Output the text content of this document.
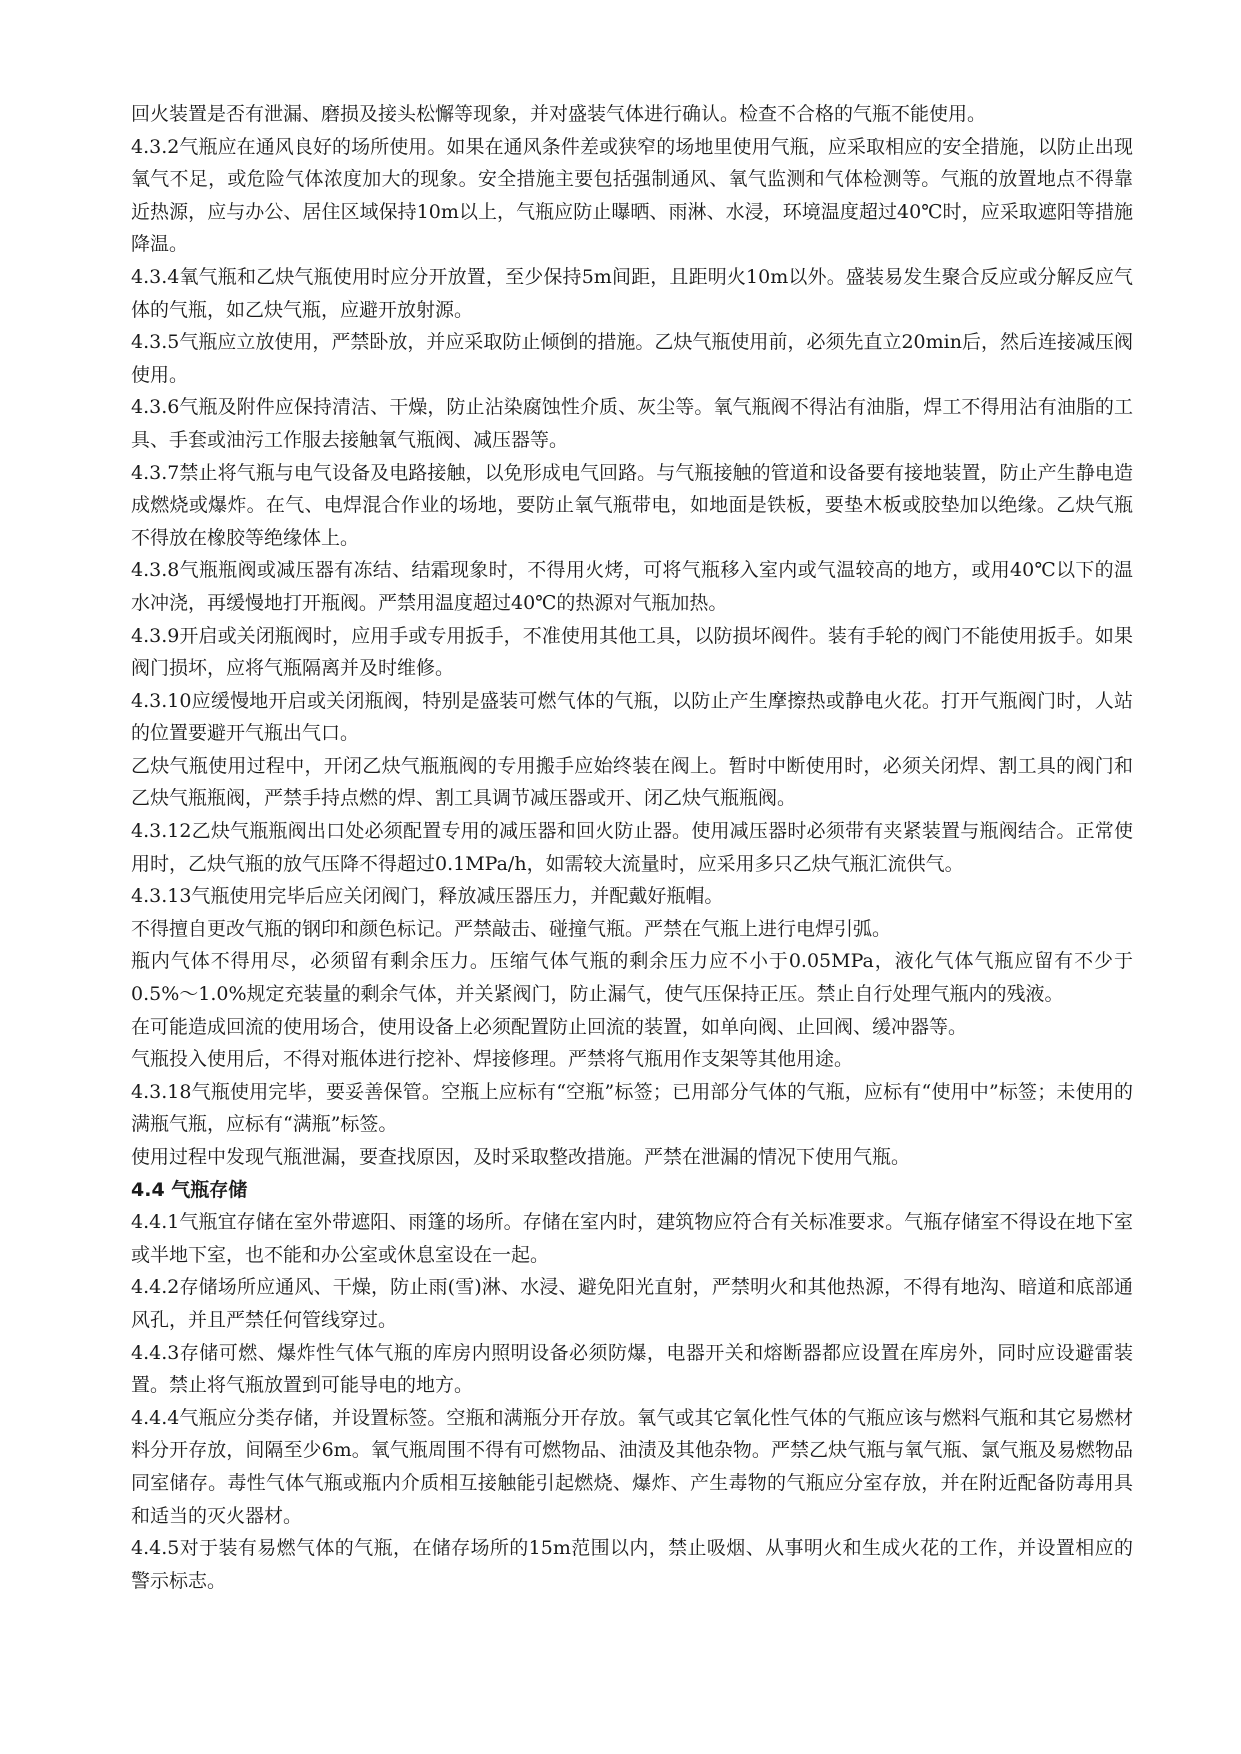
回火装置是否有泄漏、磨损及接头松懈等现象，并对盛装气体进行确认。检查不合格的气瓶不能使用。

4.3.2气瓶应在通风良好的场所使用。如果在通风条件差或狭窄的场地里使用气瓶，应采取相应的安全措施，以防止出现氧气不足，或危险气体浓度加大的现象。安全措施主要包括强制通风、氧气监测和气体检测等。气瓶的放置地点不得靠近热源，应与办公、居住区域保持10m以上，气瓶应防止曝晒、雨淋、水浸，环境温度超过40℃时，应采取遮阳等措施降温。

4.3.4氧气瓶和乙炔气瓶使用时应分开放置，至少保持5m间距，且距明火10m以外。盛装易发生聚合反应或分解反应气体的气瓶，如乙炔气瓶，应避开放射源。

4.3.5气瓶应立放使用，严禁卧放，并应采取防止倾倒的措施。乙炔气瓶使用前，必须先直立20min后，然后连接减压阀使用。

4.3.6气瓶及附件应保持清洁、干燥，防止沾染腐蚀性介质、灰尘等。氧气瓶阀不得沾有油脂，焊工不得用沾有油脂的工具、手套或油污工作服去接触氧气瓶阀、减压器等。

4.3.7禁止将气瓶与电气设备及电路接触，以免形成电气回路。与气瓶接触的管道和设备要有接地装置，防止产生静电造成燃烧或爆炸。在气、电焊混合作业的场地，要防止氧气瓶带电，如地面是铁板，要垫木板或胶垫加以绝缘。乙炔气瓶不得放在橡胶等绝缘体上。

4.3.8气瓶瓶阀或减压器有冻结、结霜现象时，不得用火烤，可将气瓶移入室内或气温较高的地方，或用40℃以下的温水冲浇，再缓慢地打开瓶阀。严禁用温度超过40℃的热源对气瓶加热。

4.3.9开启或关闭瓶阀时，应用手或专用扳手，不准使用其他工具，以防损坏阀件。装有手轮的阀门不能使用扳手。如果阀门损坏，应将气瓶隔离并及时维修。

4.3.10应缓慢地开启或关闭瓶阀，特别是盛装可燃气体的气瓶，以防止产生摩擦热或静电火花。打开气瓶阀门时，人站的位置要避开气瓶出气口。

乙炔气瓶使用过程中，开闭乙炔气瓶瓶阀的专用搬手应始终装在阀上。暂时中断使用时，必须关闭焊、割工具的阀门和乙炔气瓶瓶阀，严禁手持点燃的焊、割工具调节减压器或开、闭乙炔气瓶瓶阀。

4.3.12乙炔气瓶瓶阀出口处必须配置专用的减压器和回火防止器。使用减压器时必须带有夹紧装置与瓶阀结合。正常使用时，乙炔气瓶的放气压降不得超过0.1MPa/h，如需较大流量时，应采用多只乙炔气瓶汇流供气。

4.3.13气瓶使用完毕后应关闭阀门，释放减压器压力，并配戴好瓶帽。

不得擅自更改气瓶的钢印和颜色标记。严禁敲击、碰撞气瓶。严禁在气瓶上进行电焊引弧。

瓶内气体不得用尽，必须留有剩余压力。压缩气体气瓶的剩余压力应不小于0.05MPa，液化气体气瓶应留有不少于0.5%～1.0%规定充装量的剩余气体，并关紧阀门，防止漏气，使气压保持正压。禁止自行处理气瓶内的残液。

在可能造成回流的使用场合，使用设备上必须配置防止回流的装置，如单向阀、止回阀、缓冲器等。

气瓶投入使用后，不得对瓶体进行挖补、焊接修理。严禁将气瓶用作支架等其他用途。

4.3.18气瓶使用完毕，要妥善保管。空瓶上应标有“空瓶”标签；已用部分气体的气瓶，应标有“使用中”标签；未使用的满瓶气瓶，应标有“满瓶”标签。

使用过程中发现气瓶泄漏，要查找原因，及时采取整改措施。严禁在泄漏的情况下使用气瓶。

4.4 气瓶存储

4.4.1气瓶宜存储在室外带遮阳、雨篷的场所。存储在室内时，建筑物应符合有关标准要求。气瓶存储室不得设在地下室或半地下室，也不能和办公室或休息室设在一起。

4.4.2存储场所应通风、干燥，防止雨(雪)淋、水浸、避免阳光直射，严禁明火和其他热源，不得有地沟、暗道和底部通风孔，并且严禁任何管线穿过。

4.4.3存储可燃、爆炸性气体气瓶的库房内照明设备必须防爆，电器开关和熔断器都应设置在库房外，同时应设避雷装置。禁止将气瓶放置到可能导电的地方。

4.4.4气瓶应分类存储，并设置标签。空瓶和满瓶分开存放。氧气或其它氧化性气体的气瓶应该与燃料气瓶和其它易燃材料分开存放，间隔至少6m。氧气瓶周围不得有可燃物品、油渍及其他杂物。严禁乙炔气瓶与氧气瓶、氯气瓶及易燃物品同室储存。毒性气体气瓶或瓶内介质相互接触能引起燃烧、爆炸、产生毒物的气瓶应分室存放，并在附近配备防毒用具和适当的灭火器材。

4.4.5对于装有易燃气体的气瓶，在储存场所的15m范围以内，禁止吸烟、从事明火和生成火花的工作，并设置相应的警示标志。
